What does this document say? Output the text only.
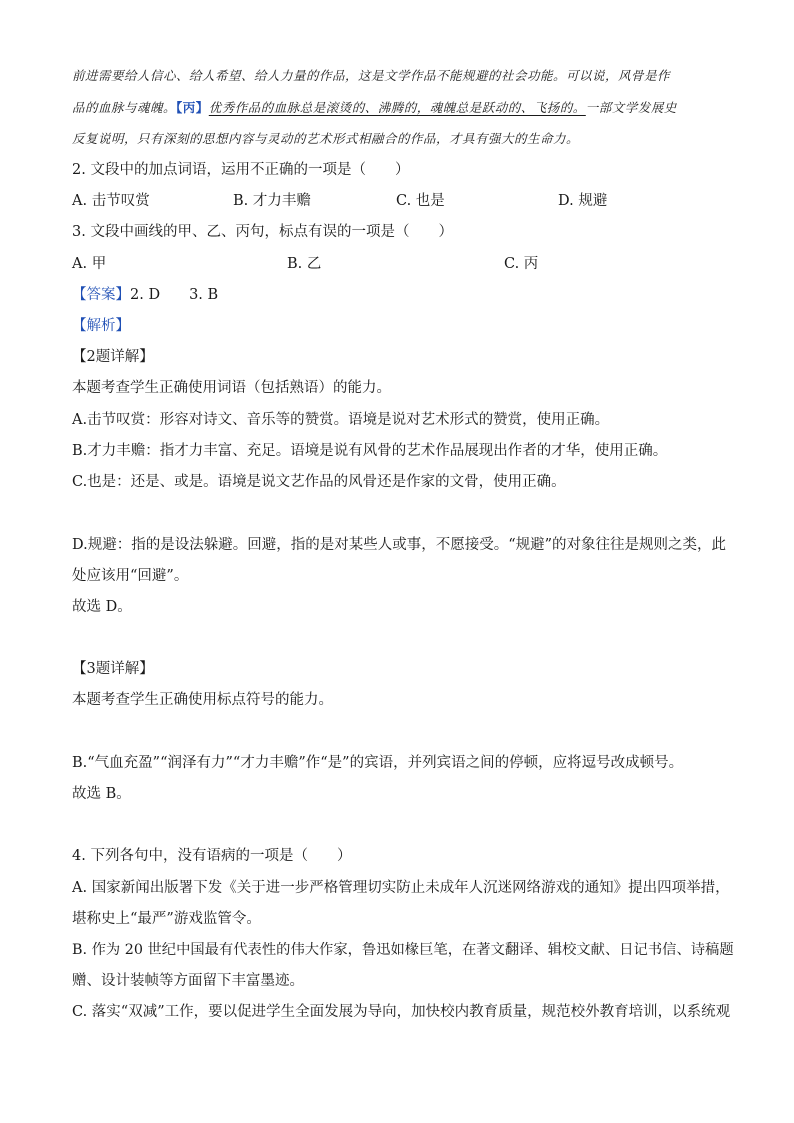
前进需要给人信心、给人希望、给人力量的作品，这是文学作品不能规避的社会功能。可以说，风骨是作
品的血脉与魂魄。【丙】优秀作品的血脉总是滚烫的、沸腾的，魂魄总是跃动的、飞扬的。一部文学发展史
反复说明，只有深刻的思想内容与灵动的艺术形式相融合的作品，才具有强大的生命力。
2. 文段中的加点词语，运用不正确的一项是（　　）
A. 击节叹赏	B. 才力丰赡	C. 也是	D. 规避
3. 文段中画线的甲、乙、丙句，标点有误的一项是（　　）
A. 甲	B. 乙	C. 丙
【答案】2. D　　3. B
【解析】
【2题详解】
本题考查学生正确使用词语（包括熟语）的能力。
A.击节叹赏：形容对诗文、音乐等的赞赏。语境是说对艺术形式的赞赏，使用正确。
B.才力丰赡：指才力丰富、充足。语境是说有风骨的艺术作品展现出作者的才华，使用正确。
C.也是：还是、或是。语境是说文艺作品的风骨还是作家的文骨，使用正确。
D.规避：指的是设法躲避。回避，指的是对某些人或事，不愿接受。“规避”的对象往往是规则之类，此
处应该用“回避”。
故选 D。
【3题详解】
本题考查学生正确使用标点符号的能力。
B.“气血充盈”“润泽有力”“才力丰赡”作“是”的宾语，并列宾语之间的停顿，应将逗号改成顿号。
故选 B。
4. 下列各句中，没有语病的一项是（　　）
A. 国家新闻出版署下发《关于进一步严格管理切实防止未成年人沉迷网络游戏的通知》提出四项举措，
堪称史上“最严”游戏监管令。
B. 作为 20 世纪中国最有代表性的伟大作家，鲁迅如椽巨笔，在著文翻译、辑校文献、日记书信、诗稿题
赠、设计装帧等方面留下丰富墨迹。
C. 落实“双减”工作，要以促进学生全面发展为导向，加快校内教育质量，规范校外教育培训，以系统观
